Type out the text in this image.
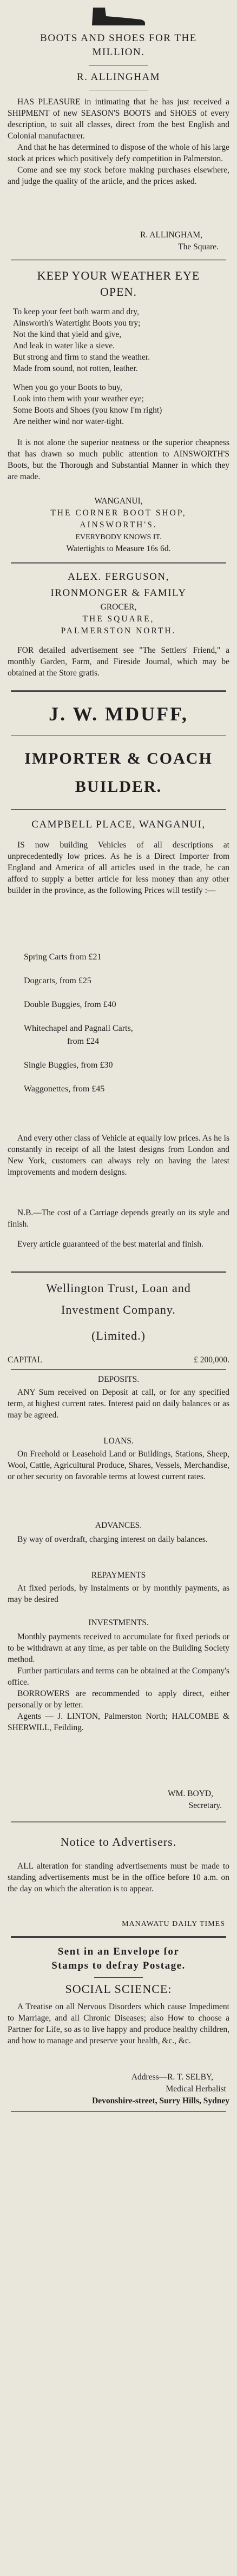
BOOTS AND SHOES FOR THE
MILLION.
R. ALLINGHAM

HAS PLEASURE in intimating that he has just received a SHIPMENT of new SEASON'S BOOTS and SHOES of every description, to suit all classes, direct from the best English and Colonial manufacturer.

And that he has determined to dispose of the whole of his large stock at prices which positively defy competition in Palmerston.

Come and see my stock before making purchases elsewhere, and judge the quality of the article, and the prices asked.

R. ALLINGHAM,
The Square.
KEEP YOUR WEATHER EYE
OPEN.

To keep your feet both warm and dry,

Ainsworth's Watertight Boots you try;

Not the kind that yield and give,

And leak in water like a sieve.

But strong and firm to stand the weather.

Made from sound, not rotten, leather.

When you go your Boots to buy,

Look into them with your weather eye;

Some Boots and Shoes (you know I'm right)

Are neither wind nor water-tight.

It is not alone the superior neatness or the superior cheapness that has drawn so much public attention to AINSWORTH'S Boots, but the Thorough and Substantial Manner in which they are made.
WANGANUI,
THE CORNER BOOT SHOP,
AINSWORTH'S.
EVERYBODY KNOWS IT.
Watertights to Measure 16s 6d.
ALEX. FERGUSON,
IRONMONGER & FAMILY
GROCER,
THE SQUARE,
PALMERSTON NORTH.
FOR detailed advertisement see "The Settlers' Friend," a monthly Garden, Farm, and Fireside Journal, which may be obtained at the Store gratis.
J. W. MDUFF,
IMPORTER & COACH
BUILDER.
CAMPBELL PLACE, WANGANUI,
IS now building Vehicles of all descriptions at unprecedentedly low prices. As he is a Direct Importer from England and America of all articles used in the trade, he can afford to supply a better article for less money than any other builder in the province, as the following Prices will testify :—

Spring Carts from £21

Dogcarts, from £25

Double Buggies, from £40

Whitechapel and Pagnall Carts,

from £24

Single Buggies, from £30

Waggonettes, from £45

And every other class of Vehicle at equally low prices. As he is constantly in receipt of all the latest designs from London and New York, customers can always rely on having the latest improvements and modern designs.
N.B.—The cost of a Carriage depends greatly on its style and finish.
Every article guaranteed of the best material and finish.
Wellington Trust, Loan and
Investment Company.
(Limited.)
CAPITAL	£ 200,000.
DEPOSITS.
ANY Sum received on Deposit at call, or for any specified term, at highest current rates. Interest paid on daily balances or as may be agreed.
LOANS.
On Freehold or Leasehold Land or Buildings, Stations, Sheep, Wool, Cattle, Agricultural Produce, Shares, Vessels, Merchandise, or other security on favorable terms at lowest current rates.
ADVANCES.
By way of overdraft, charging interest on daily balances.
REPAYMENTS
At fixed periods, by instalments or by monthly payments, as may be desired
INVESTMENTS.

Monthly payments received to accumulate for fixed periods or to be withdrawn at any time, as per table on the Building Society method.

Further particulars and terms can be obtained at the Company's office.

BORROWERS are recommended to apply direct, either personally or by letter.

Agents — J. LINTON, Palmerston North; HALCOMBE & SHERWILL, Feilding.

WM. BOYD,
Secretary.
Notice to Advertisers.
ALL alteration for standing advertisements must be made to standing advertisements must be in the office before 10 a.m. on the day on which the alteration is to appear.
MANAWATU DAILY TIMES
Sent in an Envelope for
Stamps to defray Postage.
SOCIAL SCIENCE:
A Treatise on all Nervous Disorders which cause Impediment to Marriage, and all Chronic Diseases; also How to choose a Partner for Life, so as to live happy and produce healthy children, and how to manage and preserve your health, &c., &c.
Address—R. T. SELBY,
Medical Herbalist
Devonshire-street, Surry Hills, Sydney
